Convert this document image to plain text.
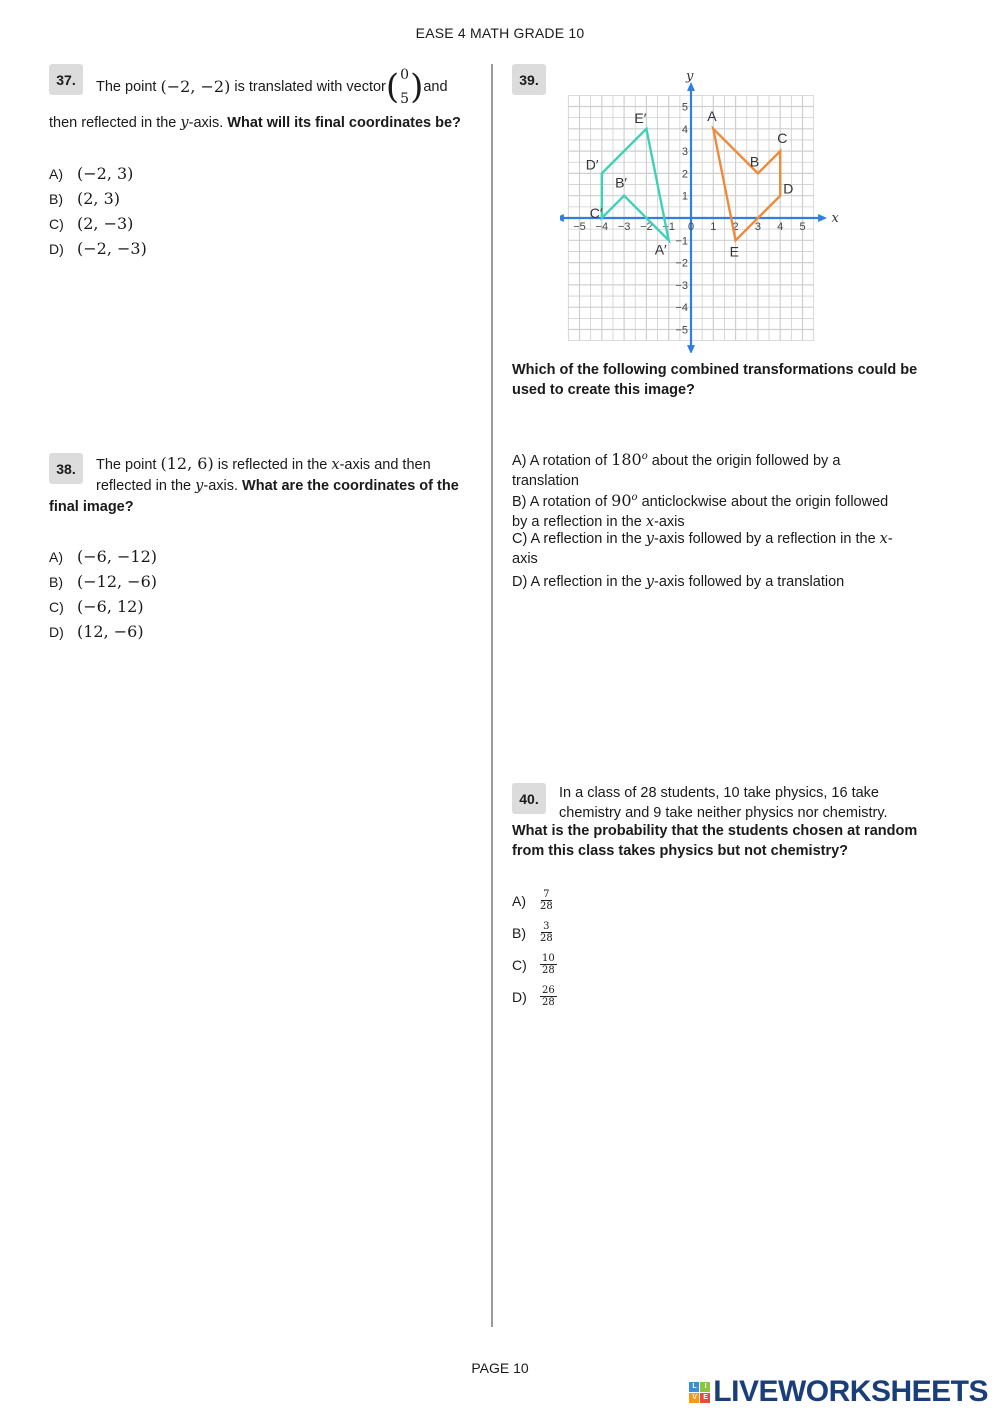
EASE 4 MATH GRADE 10
37.	The point
(−2, −2)
is translated with vector ( 0
5 ) and
then reflected in the y-axis. What will its final coordinates be?
A) (−2, 3)
B) (2, 3)
C) (2, −3)
D) (−2, −3)
38.	The point (12, 6) is reflected in the x-axis and then
reflected in the y-axis. What are the coordinates of the
final image?
A) (−6, −12)
B) (−12, −6)
C) (−6, 12)
D) (12, −6)
39.
x
y
−5 −4 −3 −2 −1 0 1 2 3 4 5
5
4
3
2
1
−1
−2
−3
−4
−5
A
B
C
D
E
A′
B′
C′
D′
E′
Which of the following combined transformations could be
used to create this image?
A) A rotation of 180$^o$ about the origin followed by a
translation
B) A rotation of 90$^o$ anticlockwise about the origin followed
by a reflection in the x-axis
C) A reflection in the y-axis followed by a reflection in the x-
axis
D) A reflection in the y-axis followed by a translation
40.	In a class of 28 students, 10 take physics, 16 take
chemistry and 9 take neither physics nor chemistry.
What is the probability that the students chosen at random
from this class takes physics but not chemistry?
A)	$\frac{7}{28}$
B)	$\frac{3}{28}$
C)	$\frac{10}{28}$
D)	$\frac{26}{28}$
PAGE 10
L	I
V E LIVEWORKSHEETS
